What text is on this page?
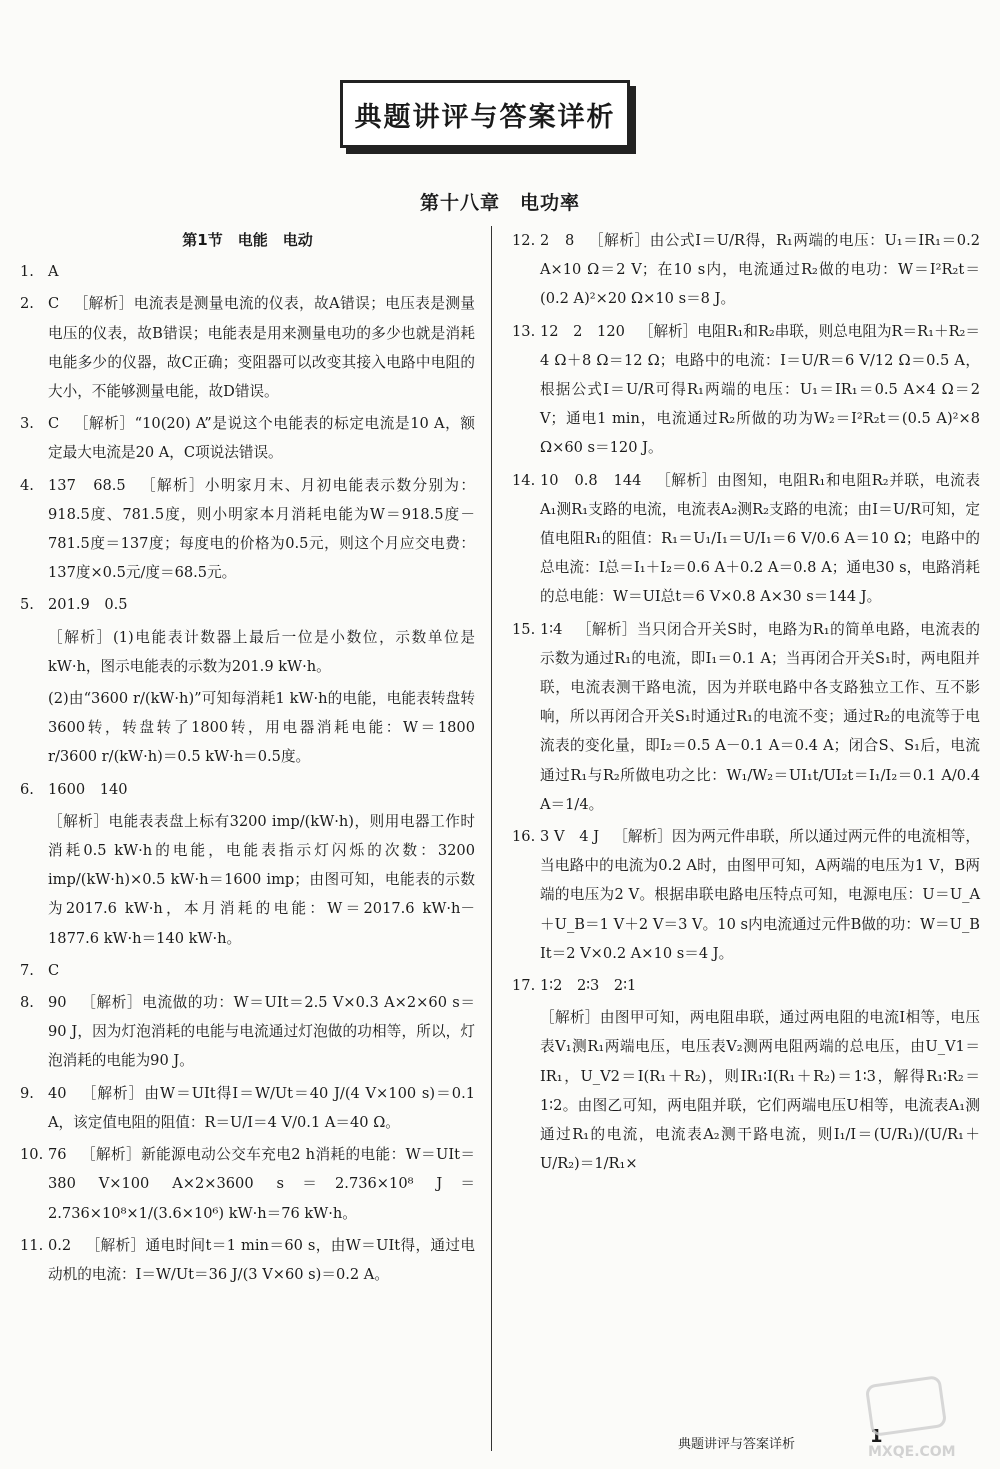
典题讲评与答案详析
第十八章　电功率
第1节　电能　电动

1. A

2. C ［解析］电流表是测量电流的仪表，故A错误；电压表是测量电压的仪表，故B错误；电能表是用来测量电功的多少也就是消耗电能多少的仪器，故C正确；变阻器可以改变其接入电路中电阻的大小，不能够测量电能，故D错误。

3. C ［解析］“10(20) A”是说这个电能表的标定电流是10 A，额定最大电流是20 A，C项说法错误。

4. 137　68.5 ［解析］小明家月末、月初电能表示数分别为：918.5度、781.5度，则小明家本月消耗电能为W＝918.5度－781.5度＝137度；每度电的价格为0.5元，则这个月应交电费：137度×0.5元/度＝68.5元。

5. 201.9　0.5

［解析］(1)电能表计数器上最后一位是小数位，示数单位是kW·h，图示电能表的示数为201.9 kW·h。

(2)由“3600 r/(kW·h)”可知每消耗1 kW·h的电能，电能表转盘转3600转，转盘转了1800转，用电器消耗电能：W＝1800 r/3600 r/(kW·h)＝0.5 kW·h＝0.5度。

6. 1600　140

［解析］电能表表盘上标有3200 imp/(kW·h)，则用电器工作时消耗0.5 kW·h的电能，电能表指示灯闪烁的次数：3200 imp/(kW·h)×0.5 kW·h＝1600 imp；由图可知，电能表的示数为2017.6 kW·h，本月消耗的电能：W＝2017.6 kW·h－1877.6 kW·h＝140 kW·h。

7. C

8. 90 ［解析］电流做的功：W＝UIt＝2.5 V×0.3 A×2×60 s＝90 J，因为灯泡消耗的电能与电流通过灯泡做的功相等，所以，灯泡消耗的电能为90 J。

9. 40 ［解析］由W＝UIt得I＝W/Ut＝40 J/(4 V×100 s)＝0.1 A，该定值电阻的阻值：R＝U/I＝4 V/0.1 A＝40 Ω。

10. 76 ［解析］新能源电动公交车充电2 h消耗的电能：W＝UIt＝380 V×100 A×2×3600 s＝2.736×10⁸ J＝2.736×10⁸×1/(3.6×10⁶) kW·h＝76 kW·h。

11. 0.2 ［解析］通电时间t＝1 min＝60 s，由W＝UIt得，通过电动机的电流：I＝W/Ut＝36 J/(3 V×60 s)＝0.2 A。

12. 2　8 ［解析］由公式I＝U/R得，R₁两端的电压：U₁＝IR₁＝0.2 A×10 Ω＝2 V；在10 s内，电流通过R₂做的电功：W＝I²R₂t＝(0.2 A)²×20 Ω×10 s＝8 J。

13. 12　2　120 ［解析］电阻R₁和R₂串联，则总电阻为R＝R₁＋R₂＝4 Ω＋8 Ω＝12 Ω；电路中的电流：I＝U/R＝6 V/12 Ω＝0.5 A，根据公式I＝U/R可得R₁两端的电压：U₁＝IR₁＝0.5 A×4 Ω＝2 V；通电1 min，电流通过R₂所做的功为W₂＝I²R₂t＝(0.5 A)²×8 Ω×60 s＝120 J。

14. 10　0.8　144 ［解析］由图知，电阻R₁和电阻R₂并联，电流表A₁测R₁支路的电流，电流表A₂测R₂支路的电流；由I＝U/R可知，定值电阻R₁的阻值：R₁＝U₁/I₁＝U/I₁＝6 V/0.6 A＝10 Ω；电路中的总电流：I总＝I₁＋I₂＝0.6 A＋0.2 A＝0.8 A；通电30 s，电路消耗的总电能：W＝UI总t＝6 V×0.8 A×30 s＝144 J。

15. 1∶4 ［解析］当只闭合开关S时，电路为R₁的简单电路，电流表的示数为通过R₁的电流，即I₁＝0.1 A；当再闭合开关S₁时，两电阻并联，电流表测干路电流，因为并联电路中各支路独立工作、互不影响，所以再闭合开关S₁时通过R₁的电流不变；通过R₂的电流等于电流表的变化量，即I₂＝0.5 A－0.1 A＝0.4 A；闭合S、S₁后，电流通过R₁与R₂所做电功之比：W₁/W₂＝UI₁t/UI₂t＝I₁/I₂＝0.1 A/0.4 A＝1/4。

16. 3 V　4 J ［解析］因为两元件串联，所以通过两元件的电流相等，当电路中的电流为0.2 A时，由图甲可知，A两端的电压为1 V，B两端的电压为2 V。根据串联电路电压特点可知，电源电压：U＝U_A＋U_B＝1 V＋2 V＝3 V。10 s内电流通过元件B做的功：W＝U_B It＝2 V×0.2 A×10 s＝4 J。

17. 1∶2　2∶3　2∶1

［解析］由图甲可知，两电阻串联，通过两电阻的电流I相等，电压表V₁测R₁两端电压，电压表V₂测两电阻两端的总电压，由U_V1＝IR₁，U_V2＝I(R₁＋R₂)，则IR₁∶I(R₁＋R₂)＝1∶3，解得R₁∶R₂＝1∶2。由图乙可知，两电阻并联，它们两端电压U相等，电流表A₁测通过R₁的电流，电流表A₂测干路电流，则I₁/I＝(U/R₁)/(U/R₁＋U/R₂)＝1/R₁×

典题讲评与答案详析	1
MXQE.COM
